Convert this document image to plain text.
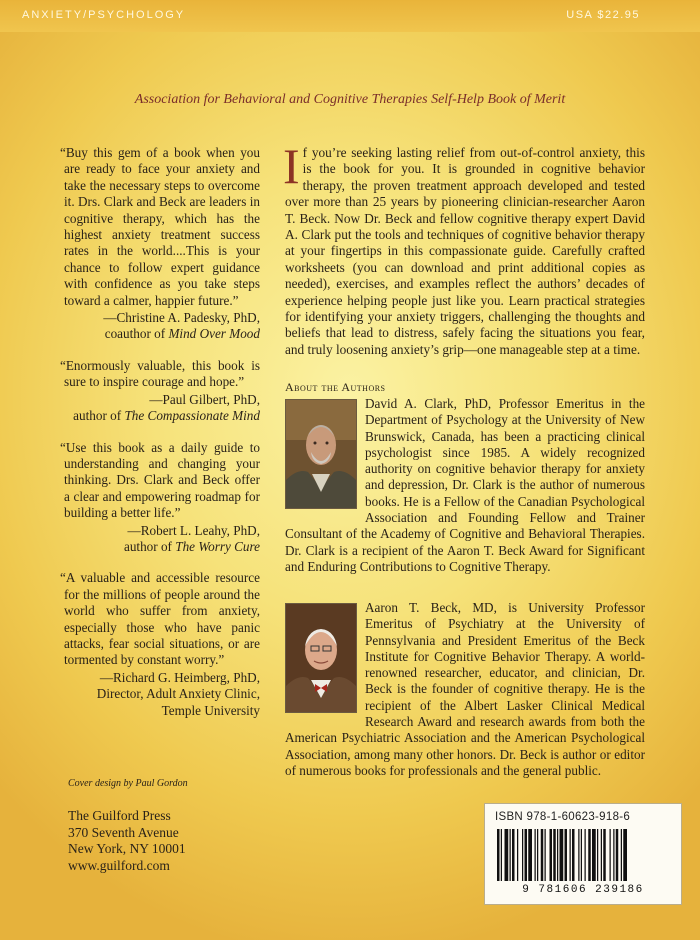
ANXIETY/PSYCHOLOGY	USA $22.95
Association for Behavioral and Cognitive Therapies Self-Help Book of Merit

“Buy this gem of a book when you are ready to face your anxiety and take the necessary steps to overcome it. Drs. Clark and Beck are leaders in cognitive therapy, which has the highest anxiety treatment success rates in the world....This is your chance to follow expert guidance with confidence as you take steps toward a calmer, happier future.”

—Christine A. Padesky, PhD,
coauthor of Mind Over Mood

“Enormously valuable, this book is sure to inspire courage and hope.”

—Paul Gilbert, PhD,
author of The Compassionate Mind

“Use this book as a daily guide to understanding and changing your thinking. Drs. Clark and Beck offer a clear and empowering roadmap for building a better life.”

—Robert L. Leahy, PhD,
author of The Worry Cure

“A valuable and accessible resource for the millions of people around the world who suffer from anxiety, especially those who have panic attacks, fear social situations, or are tormented by constant worry.”

—Richard G. Heimberg, PhD,
Director, Adult Anxiety Clinic,
Temple University

If you’re seeking lasting relief from out-of-control anxiety, this is the book for you. It is grounded in cognitive behavior therapy, the proven treatment approach developed and tested over more than 25 years by pioneering clinician-researcher Aaron T. Beck. Now Dr. Beck and fellow cognitive therapy expert David A. Clark put the tools and techniques of cognitive behavior therapy at your fingertips in this compassionate guide. Carefully crafted worksheets (you can download and print additional copies as needed), exercises, and examples reflect the authors’ decades of experience helping people just like you. Learn practical strategies for identifying your anxiety triggers, challenging the thoughts and beliefs that lead to distress, safely facing the situations you fear, and truly loosening anxiety’s grip—one manageable step at a time.

About the Authors

David A. Clark, PhD, Professor Emeritus in the Department of Psychology at the University of New Brunswick, Canada, has been a practicing clinical psychologist since 1985. A widely recognized authority on cognitive behavior therapy for anxiety and depression, Dr. Clark is the author of numerous books. He is a Fellow of the Canadian Psychological Association and Founding Fellow and Trainer Consultant of the Academy of Cognitive and Behavioral Therapies. Dr. Clark is a recipient of the Aaron T. Beck Award for Significant and Enduring Contributions to Cognitive Therapy.

Aaron T. Beck, MD, is University Professor Emeritus of Psychiatry at the University of Pennsylvania and President Emeritus of the Beck Institute for Cognitive Behavior Therapy. A world-renowned researcher, educator, and clinician, Dr. Beck is the founder of cognitive therapy. He is the recipient of the Albert Lasker Clinical Medical Research Award and research awards from both the American Psychiatric Association and the American Psychological Association, among many other honors. Dr. Beck is author or editor of numerous books for professionals and the general public.

Cover design by Paul Gordon
The Guilford Press
370 Seventh Avenue
New York, NY 10001
www.guilford.com
ISBN 978-1-60623-918-6
9 781606 239186
